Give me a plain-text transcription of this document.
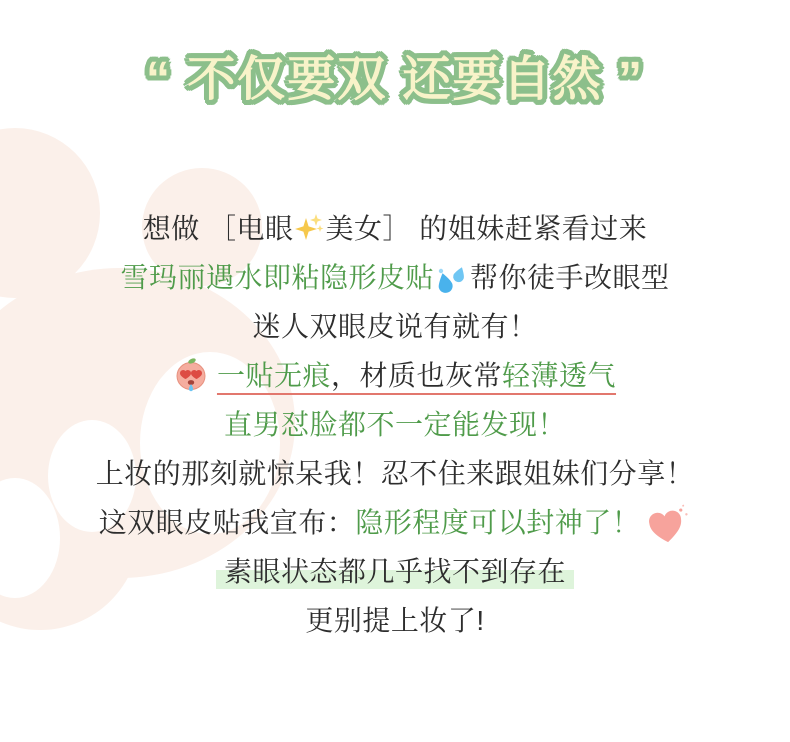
“ 不仅要双 还要自然 ”
想做 ［电眼 美女］ 的姐妹赶紧看过来
雪玛丽遇水即粘隐形皮贴 帮你徒手改眼型
迷人双眼皮说有就有！
一贴无痕，材质也灰常轻薄透气
直男怼脸都不一定能发现！
上妆的那刻就惊呆我！忍不住来跟姐妹们分享！
这双眼皮贴我宣布：隐形程度可以封神了！
素眼状态都几乎找不到存在
更别提上妆了!
